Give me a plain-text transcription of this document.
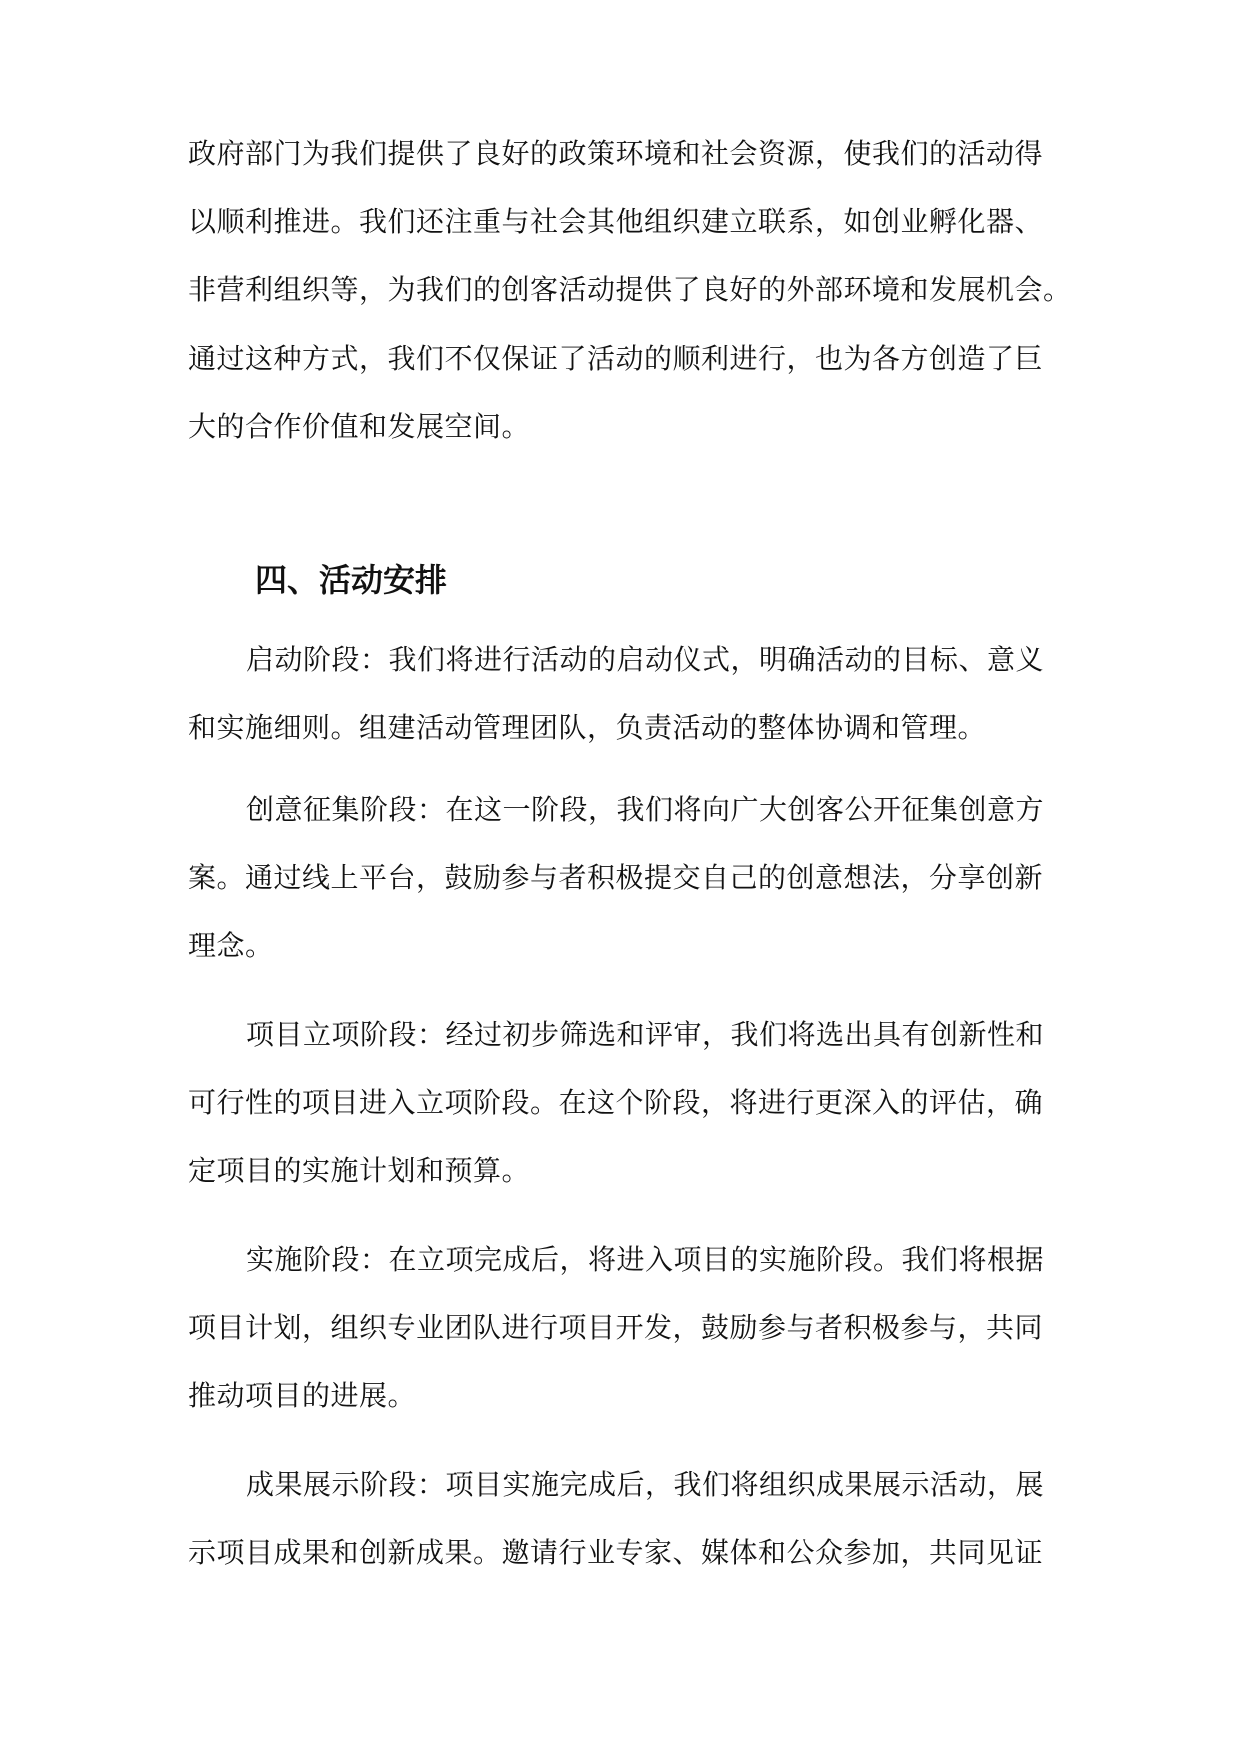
政府部门为我们提供了良好的政策环境和社会资源，使我们的活动得
以顺利推进。我们还注重与社会其他组织建立联系，如创业孵化器、
非营利组织等，为我们的创客活动提供了良好的外部环境和发展机会。
通过这种方式，我们不仅保证了活动的顺利进行，也为各方创造了巨
大的合作价值和发展空间。
四、活动安排
启动阶段：我们将进行活动的启动仪式，明确活动的目标、意义
和实施细则。组建活动管理团队，负责活动的整体协调和管理。
创意征集阶段：在这一阶段，我们将向广大创客公开征集创意方
案。通过线上平台，鼓励参与者积极提交自己的创意想法，分享创新
理念。
项目立项阶段：经过初步筛选和评审，我们将选出具有创新性和
可行性的项目进入立项阶段。在这个阶段，将进行更深入的评估，确
定项目的实施计划和预算。
实施阶段：在立项完成后，将进入项目的实施阶段。我们将根据
项目计划，组织专业团队进行项目开发，鼓励参与者积极参与，共同
推动项目的进展。
成果展示阶段：项目实施完成后，我们将组织成果展示活动，展
示项目成果和创新成果。邀请行业专家、媒体和公众参加，共同见证
